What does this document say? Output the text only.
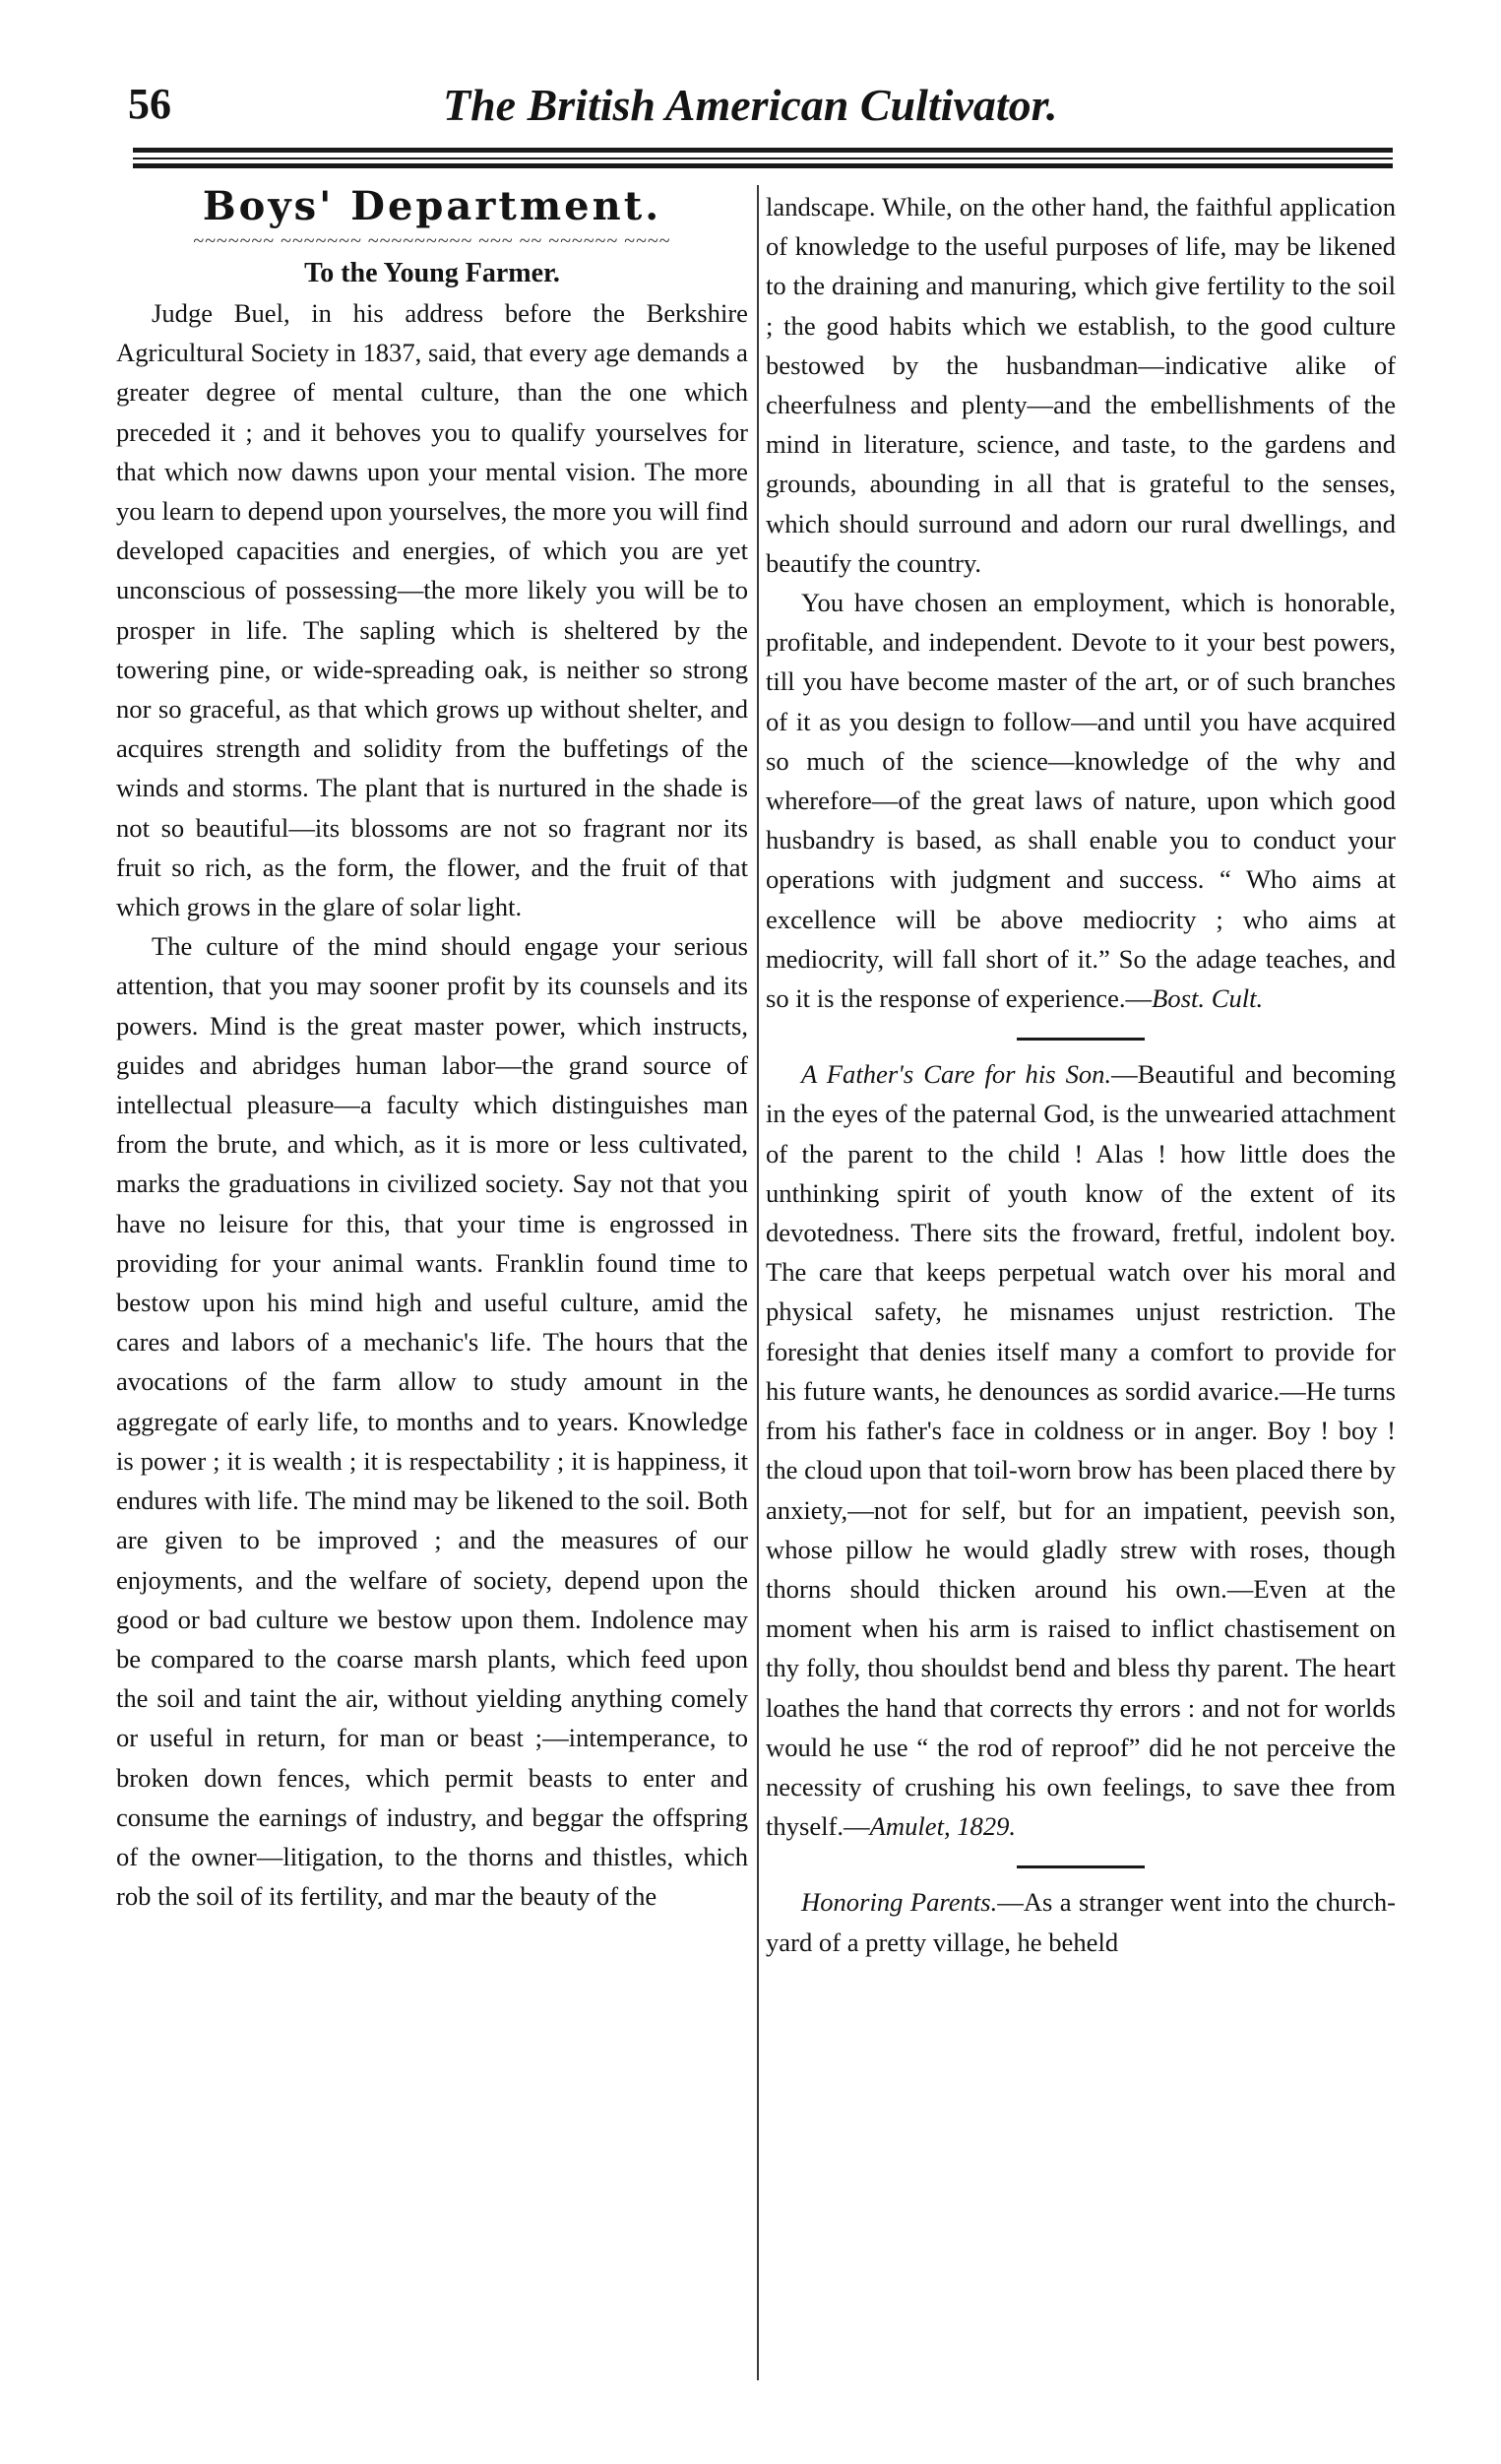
56	The British American Cultivator.
Boys' Department.
~~~~~~~ ~~~~~~~ ~~~~~~~~~ ~~~ ~~ ~~~~~~ ~~~~
To the Young Farmer.

Judge Buel, in his address before the Berkshire Agricultural Society in 1837, said, that every age demands a greater degree of mental culture, than the one which preceded it ; and it behoves you to qualify yourselves for that which now dawns upon your mental vision. The more you learn to depend upon yourselves, the more you will find developed capacities and energies, of which you are yet unconscious of possessing—the more likely you will be to prosper in life. The sapling which is sheltered by the towering pine, or wide-spreading oak, is neither so strong nor so graceful, as that which grows up without shelter, and acquires strength and solidity from the buffetings of the winds and storms. The plant that is nurtured in the shade is not so beautiful—its blossoms are not so fragrant nor its fruit so rich, as the form, the flower, and the fruit of that which grows in the glare of solar light.

The culture of the mind should engage your serious attention, that you may sooner profit by its counsels and its powers. Mind is the great master power, which instructs, guides and abridges human labor—the grand source of intellectual pleasure—a faculty which distinguishes man from the brute, and which, as it is more or less cultivated, marks the graduations in civilized society. Say not that you have no leisure for this, that your time is engrossed in providing for your animal wants. Franklin found time to bestow upon his mind high and useful culture, amid the cares and labors of a mechanic's life. The hours that the avocations of the farm allow to study amount in the aggregate of early life, to months and to years. Knowledge is power ; it is wealth ; it is respectability ; it is happiness, it endures with life. The mind may be likened to the soil. Both are given to be improved ; and the measures of our enjoyments, and the welfare of society, depend upon the good or bad culture we bestow upon them. Indolence may be compared to the coarse marsh plants, which feed upon the soil and taint the air, without yielding anything comely or useful in return, for man or beast ;—intemperance, to broken down fences, which permit beasts to enter and consume the earnings of industry, and beggar the offspring of the owner—litigation, to the thorns and thistles, which rob the soil of its fertility, and mar the beauty of the

landscape. While, on the other hand, the faithful application of knowledge to the useful purposes of life, may be likened to the draining and manuring, which give fertility to the soil ; the good habits which we establish, to the good culture bestowed by the husbandman—indicative alike of cheerfulness and plenty—and the embellishments of the mind in literature, science, and taste, to the gardens and grounds, abounding in all that is grateful to the senses, which should surround and adorn our rural dwellings, and beautify the country.

You have chosen an employment, which is honorable, profitable, and independent. Devote to it your best powers, till you have become master of the art, or of such branches of it as you design to follow—and until you have acquired so much of the science—knowledge of the why and wherefore—of the great laws of nature, upon which good husbandry is based, as shall enable you to conduct your operations with judgment and success. “ Who aims at excellence will be above mediocrity ; who aims at mediocrity, will fall short of it.” So the adage teaches, and so it is the response of experience.—Bost. Cult.

A Father's Care for his Son.—Beautiful and becoming in the eyes of the paternal God, is the unwearied attachment of the parent to the child ! Alas ! how little does the unthinking spirit of youth know of the extent of its devotedness. There sits the froward, fretful, indolent boy. The care that keeps perpetual watch over his moral and physical safety, he misnames unjust restriction. The foresight that denies itself many a comfort to provide for his future wants, he denounces as sordid avarice.—He turns from his father's face in coldness or in anger. Boy ! boy ! the cloud upon that toil-worn brow has been placed there by anxiety,—not for self, but for an impatient, peevish son, whose pillow he would gladly strew with roses, though thorns should thicken around his own.—Even at the moment when his arm is raised to inflict chastisement on thy folly, thou shouldst bend and bless thy parent. The heart loathes the hand that corrects thy errors : and not for worlds would he use “ the rod of reproof” did he not perceive the necessity of crushing his own feelings, to save thee from thyself.—Amulet, 1829.

Honoring Parents.—As a stranger went into the church-yard of a pretty village, he beheld
